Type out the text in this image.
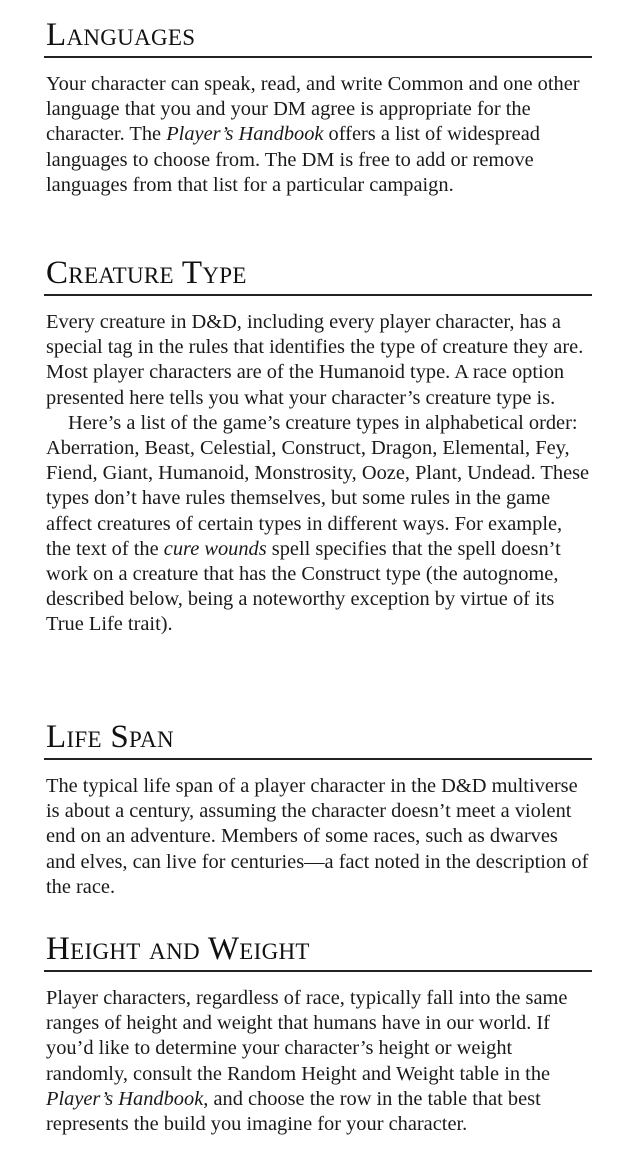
Languages

Your character can speak, read, and write Common and one other language that you and your DM agree is appropriate for the character. The Player’s Handbook offers a list of widespread languages to choose from. The DM is free to add or remove languages from that list for a particular campaign.

Creature Type

Every creature in D&D, including every player character, has a special tag in the rules that identifies the type of creature they are. Most player characters are of the Humanoid type. A race option presented here tells you what your character’s creature type is.

Here’s a list of the game’s creature types in alphabetical order: Aberration, Beast, Celestial, Construct, Dragon, Elemental, Fey, Fiend, Giant, Humanoid, Monstrosity, Ooze, Plant, Undead. These types don’t have rules themselves, but some rules in the game affect creatures of certain types in different ways. For example, the text of the cure wounds spell specifies that the spell doesn’t work on a creature that has the Construct type (the autognome, described below, being a noteworthy exception by virtue of its True Life trait).

Life Span

The typical life span of a player character in the D&D multiverse is about a century, assuming the character doesn’t meet a violent end on an adventure. Members of some races, such as dwarves and elves, can live for centuries—a fact noted in the description of the race.

Height and Weight

Player characters, regardless of race, typically fall into the same ranges of height and weight that humans have in our world. If you’d like to determine your character’s height or weight randomly, consult the Random Height and Weight table in the Player’s Handbook, and choose the row in the table that best represents the build you imagine for your character.
